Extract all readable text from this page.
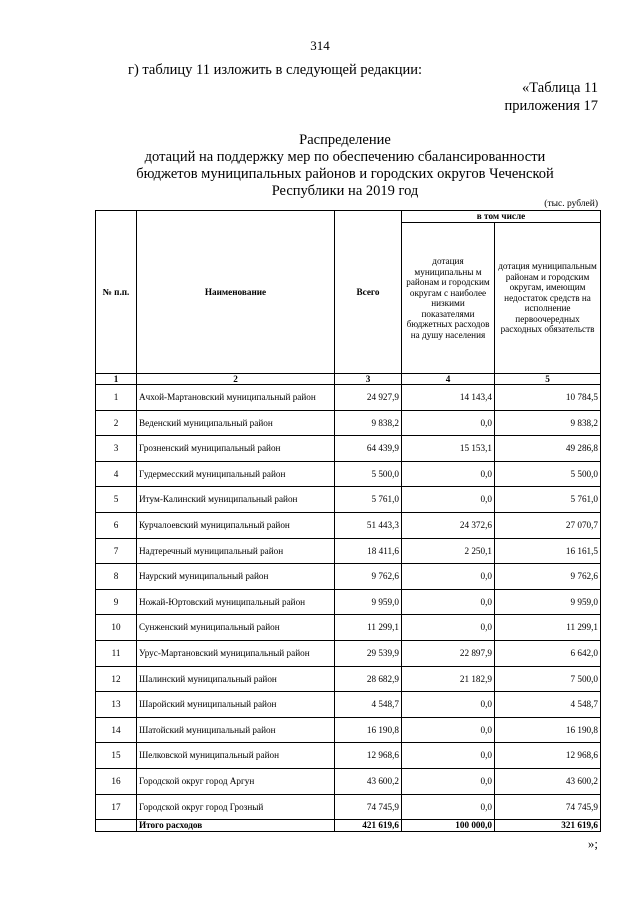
314
г) таблицу 11 изложить в следующей редакции:
«Таблица 11
приложения 17
Распределение
дотаций на поддержку мер по обеспечению сбалансированности
бюджетов муниципальных районов и городских округов Чеченской
Республики на 2019 год
(тыс. рублей)
№ п.п.	Наименование	Всего	в том числе	
			дотация муниципальны м районам и городским округам с наиболее низкими показателями бюджетных расходов на душу населения	дотация муниципальным районам и городским округам, имеющим недостаток средств на исполнение первоочередных расходных обязательств
1	2	3	4	5
1	Ачхой-Мартановский муниципальный район	24 927,9	14 143,4	10 784,5
2	Веденский муниципальный район	9 838,2	0,0	9 838,2
3	Грозненский муниципальный район	64 439,9	15 153,1	49 286,8
4	Гудермесский муниципальный район	5 500,0	0,0	5 500,0
5	Итум-Калинский муниципальный район	5 761,0	0,0	5 761,0
6	Курчалоевский муниципальный район	51 443,3	24 372,6	27 070,7
7	Надтеречный муниципальный район	18 411,6	2 250,1	16 161,5
8	Наурский муниципальный район	9 762,6	0,0	9 762,6
9	Ножай-Юртовский муниципальный район	9 959,0	0,0	9 959,0
10	Сунженский муниципальный район	11 299,1	0,0	11 299,1
11	Урус-Мартановский муниципальный район	29 539,9	22 897,9	6 642,0
12	Шалинский муниципальный район	28 682,9	21 182,9	7 500,0
13	Шаройский муниципальный район	4 548,7	0,0	4 548,7
14	Шатойский муниципальный район	16 190,8	0,0	16 190,8
15	Шелковской муниципальный район	12 968,6	0,0	12 968,6
16	Городской округ город Аргун	43 600,2	0,0	43 600,2
17	Городской округ город Грозный	74 745,9	0,0	74 745,9
	Итого расходов	421 619,6	100 000,0	321 619,6
»;
